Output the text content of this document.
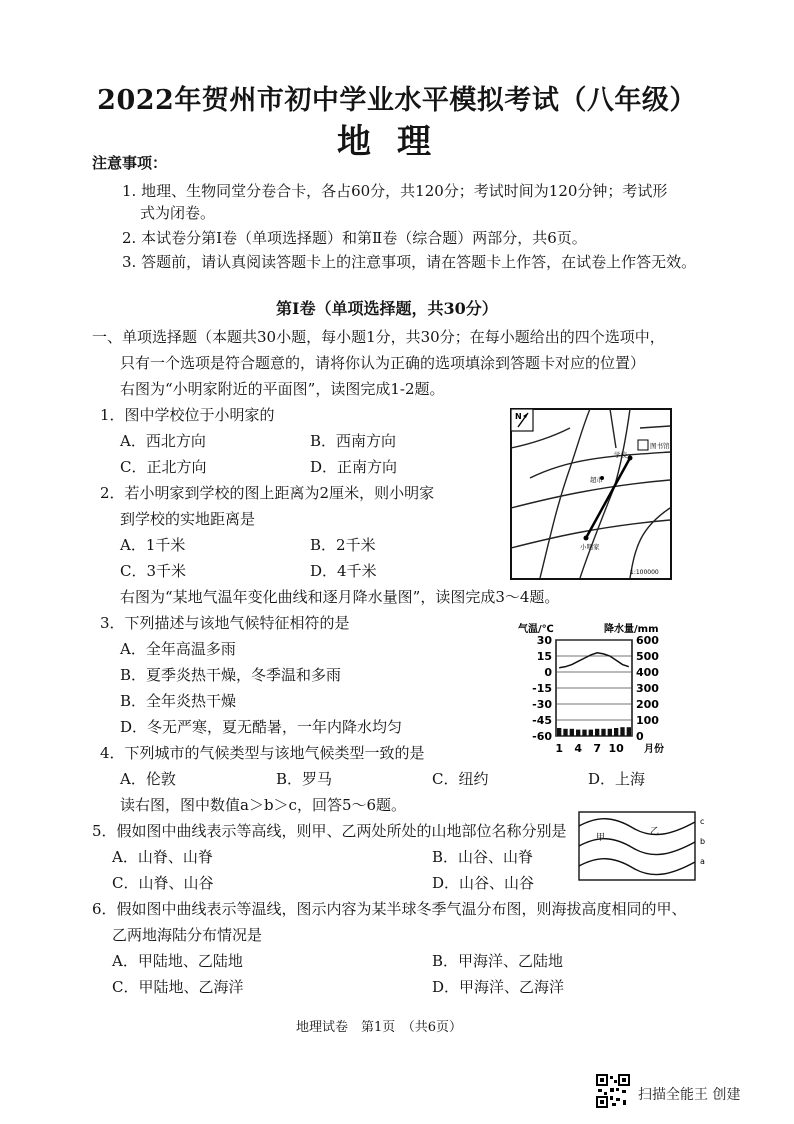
2022年贺州市初中学业水平模拟考试（八年级）
地理
注意事项：
1. 地理、生物同堂分卷合卡，各占60分，共120分；考试时间为120分钟；考试形
式为闭卷。
2. 本试卷分第Ⅰ卷（单项选择题）和第Ⅱ卷（综合题）两部分，共6页。
3. 答题前，请认真阅读答题卡上的注意事项，请在答题卡上作答，在试卷上作答无效。
第Ⅰ卷（单项选择题，共30分）
一、单项选择题（本题共30小题，每小题1分，共30分；在每小题给出的四个选项中，
只有一个选项是符合题意的，请将你认为正确的选项填涂到答题卡对应的位置）
右图为“小明家附近的平面图”，读图完成1-2题。
1．图中学校位于小明家的
A．西北方向	B．西南方向
C．正北方向	D．正南方向
2．若小明家到学校的图上距离为2厘米，则小明家
到学校的实地距离是
A．1千米	B．2千米
C．3千米	D．4千米
右图为“某地气温年变化曲线和逐月降水量图”，读图完成3～4题。
3．下列描述与该地气候特征相符的是
A．全年高温多雨
B．夏季炎热干燥，冬季温和多雨
B．全年炎热干燥
D．冬无严寒，夏无酷暑，一年内降水均匀
4．下列城市的气候类型与该地气候类型一致的是
A．伦敦	B．罗马	C．纽约	D．上海
读右图，图中数值a＞b＞c，回答5～6题。
5．假如图中曲线表示等高线，则甲、乙两处所处的山地部位名称分别是
A．山脊、山脊	B．山谷、山脊
C．山脊、山谷	D．山谷、山谷
6．假如图中曲线表示等温线，图示内容为某半球冬季气温分布图，则海拔高度相同的甲、
乙两地海陆分布情况是
A．甲陆地、乙陆地	B．甲海洋、乙陆地
C．甲陆地、乙海洋	D．甲海洋、乙海洋
地理试卷　第1页　（共6页）
学校
图书馆
超市
小明家
1:100000
N
气温/℃	降水量/mm
30
15
0
-15
-30
-45
-60
600
500
400
300
200
100
0
1 4 7 10 月份
甲
乙
c
b
a
扫描全能王 创建
